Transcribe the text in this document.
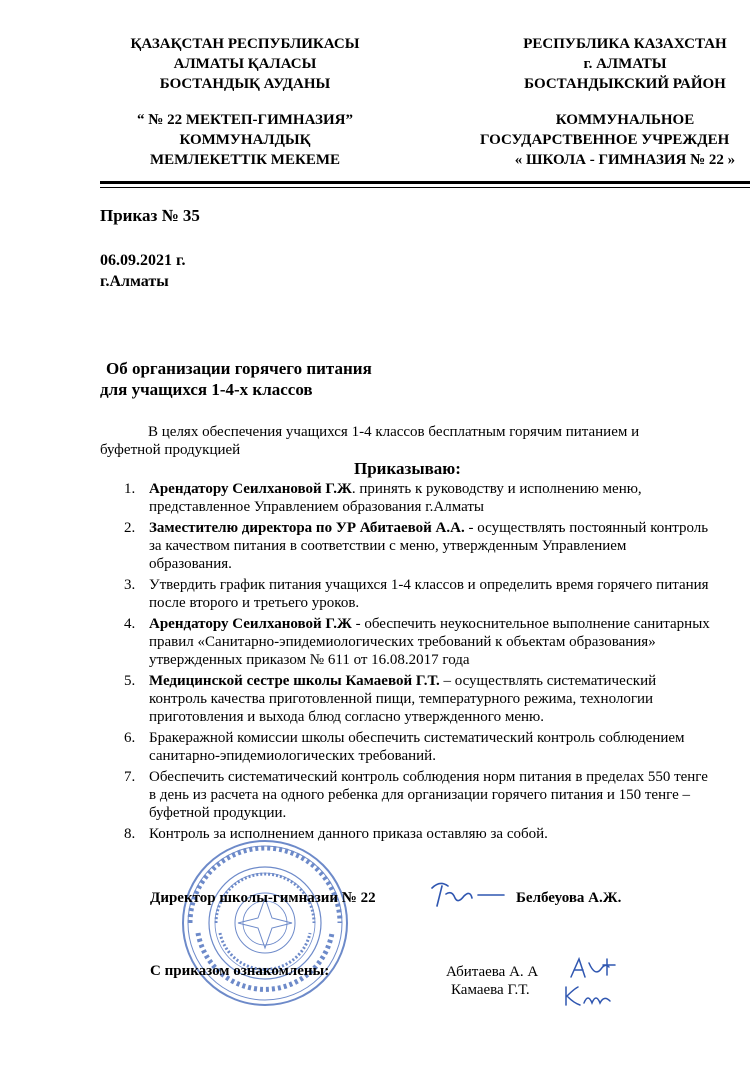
ҚАЗАҚСТАН РЕСПУБЛИКАСЫ
АЛМАТЫ ҚАЛАСЫ
БОСТАНДЫҚ АУДАНЫ
“ № 22 МЕКТЕП-ГИМНАЗИЯ”
КОММУНАЛДЫҚ
МЕМЛЕКЕТТІК МЕКЕМЕ
РЕСПУБЛИКА КАЗАХСТАН
г. АЛМАТЫ
БОСТАНДЫКСКИЙ РАЙОН
КОММУНАЛЬНОЕ
ГОСУДАРСТВЕННОЕ УЧРЕЖДЕН
« ШКОЛА - ГИМНАЗИЯ № 22 »
Приказ № 35
06.09.2021 г.
г.Алматы
Об организации горячего питания
для учащихся 1-4-х классов
В целях обеспечения учащихся 1-4 классов бесплатным горячим питанием и
буфетной продукцией
Приказываю:
1. Арендатору Сеилхановой Г.Ж. принять к руководству и исполнению меню, представленное Управлением образования г.Алматы
2. Заместителю директора по УР Абитаевой А.А. - осуществлять постоянный контроль за качеством питания в соответствии с меню, утвержденным Управлением образования.
3. Утвердить график питания учащихся 1-4 классов и определить время горячего питания после второго и третьего уроков.
4. Арендатору Сеилхановой Г.Ж - обеспечить неукоснительное выполнение санитарных правил «Санитарно-эпидемиологических требований к объектам образования» утвержденных приказом № 611 от 16.08.2017 года
5. Медицинской сестре школы Камаевой Г.Т. – осуществлять систематический контроль качества приготовленной пищи, температурного режима, технологии приготовления и выхода блюд согласно утвержденного меню.
6. Бракеражной комиссии школы обеспечить систематический контроль соблюдением санитарно-эпидемиологических требований.
7. Обеспечить систематический контроль соблюдения норм питания в пределах 550 тенге в день из расчета на одного ребенка для организации горячего питания и 150 тенге – буфетной продукции.
8. Контроль за исполнением данного приказа оставляю за собой.
Директор школы-гимназии № 22	Белбеуова А.Ж.
С приказом ознакомлены:	Абитаева А. А
Камаева Г.Т.
